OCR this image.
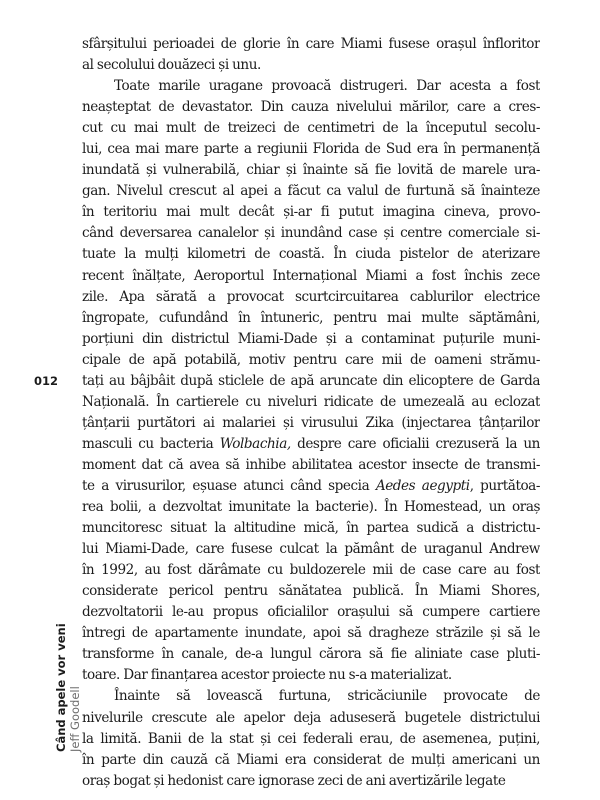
sfârșitului perioadei de glorie în care Miami fusese orașul înfloritor
al secolului douăzeci și unu.
Toate marile uragane provoacă distrugeri. Dar acesta a fost
neașteptat de devastator. Din cauza nivelului mărilor, care a cres-
cut cu mai mult de treizeci de centimetri de la începutul secolu-
lui, cea mai mare parte a regiunii Florida de Sud era în permanență
inundată și vulnerabilă, chiar și înainte să fie lovită de marele ura-
gan. Nivelul crescut al apei a făcut ca valul de furtună să înainteze
în teritoriu mai mult decât și-ar fi putut imagina cineva, provo-
când deversarea canalelor și inundând case și centre comerciale si-
tuate la mulți kilometri de coastă. În ciuda pistelor de aterizare
recent înălțate, Aeroportul Internațional Miami a fost închis zece
zile. Apa sărată a provocat scurtcircuitarea cablurilor electrice
îngropate, cufundând în întuneric, pentru mai multe săptămâni,
porțiuni din districtul Miami-Dade și a contaminat puțurile muni-
cipale de apă potabilă, motiv pentru care mii de oameni strămu-
tați au bâjbâit după sticlele de apă aruncate din elicoptere de Garda
Națională. În cartierele cu niveluri ridicate de umezeală au eclozat
țânțarii purtători ai malariei și virusului Zika (injectarea țânțarilor
masculi cu bacteria Wolbachia, despre care oficialii crezuseră la un
moment dat că avea să inhibe abilitatea acestor insecte de transmi-
te a virusurilor, eșuase atunci când specia Aedes aegypti, purtătoa-
rea bolii, a dezvoltat imunitate la bacterie). În Homestead, un oraș
muncitoresc situat la altitudine mică, în partea sudică a districtu-
lui Miami-Dade, care fusese culcat la pământ de uraganul Andrew
în 1992, au fost dărâmate cu buldozerele mii de case care au fost
considerate pericol pentru sănătatea publică. În Miami Shores,
dezvoltatorii le-au propus oficialilor orașului să cumpere cartiere
întregi de apartamente inundate, apoi să dragheze străzile și să le
transforme în canale, de-a lungul cărora să fie aliniate case pluti-
toare. Dar finanțarea acestor proiecte nu s-a materializat.
Înainte să lovească furtuna, stricăciunile provocate de
nivelurile crescute ale apelor deja aduseseră bugetele districtului
la limită. Banii de la stat și cei federali erau, de asemenea, puțini,
în parte din cauză că Miami era considerat de mulți americani un
oraș bogat și hedonist care ignorase zeci de ani avertizările legate
012
Când apele vor veni Jeff Goodell
